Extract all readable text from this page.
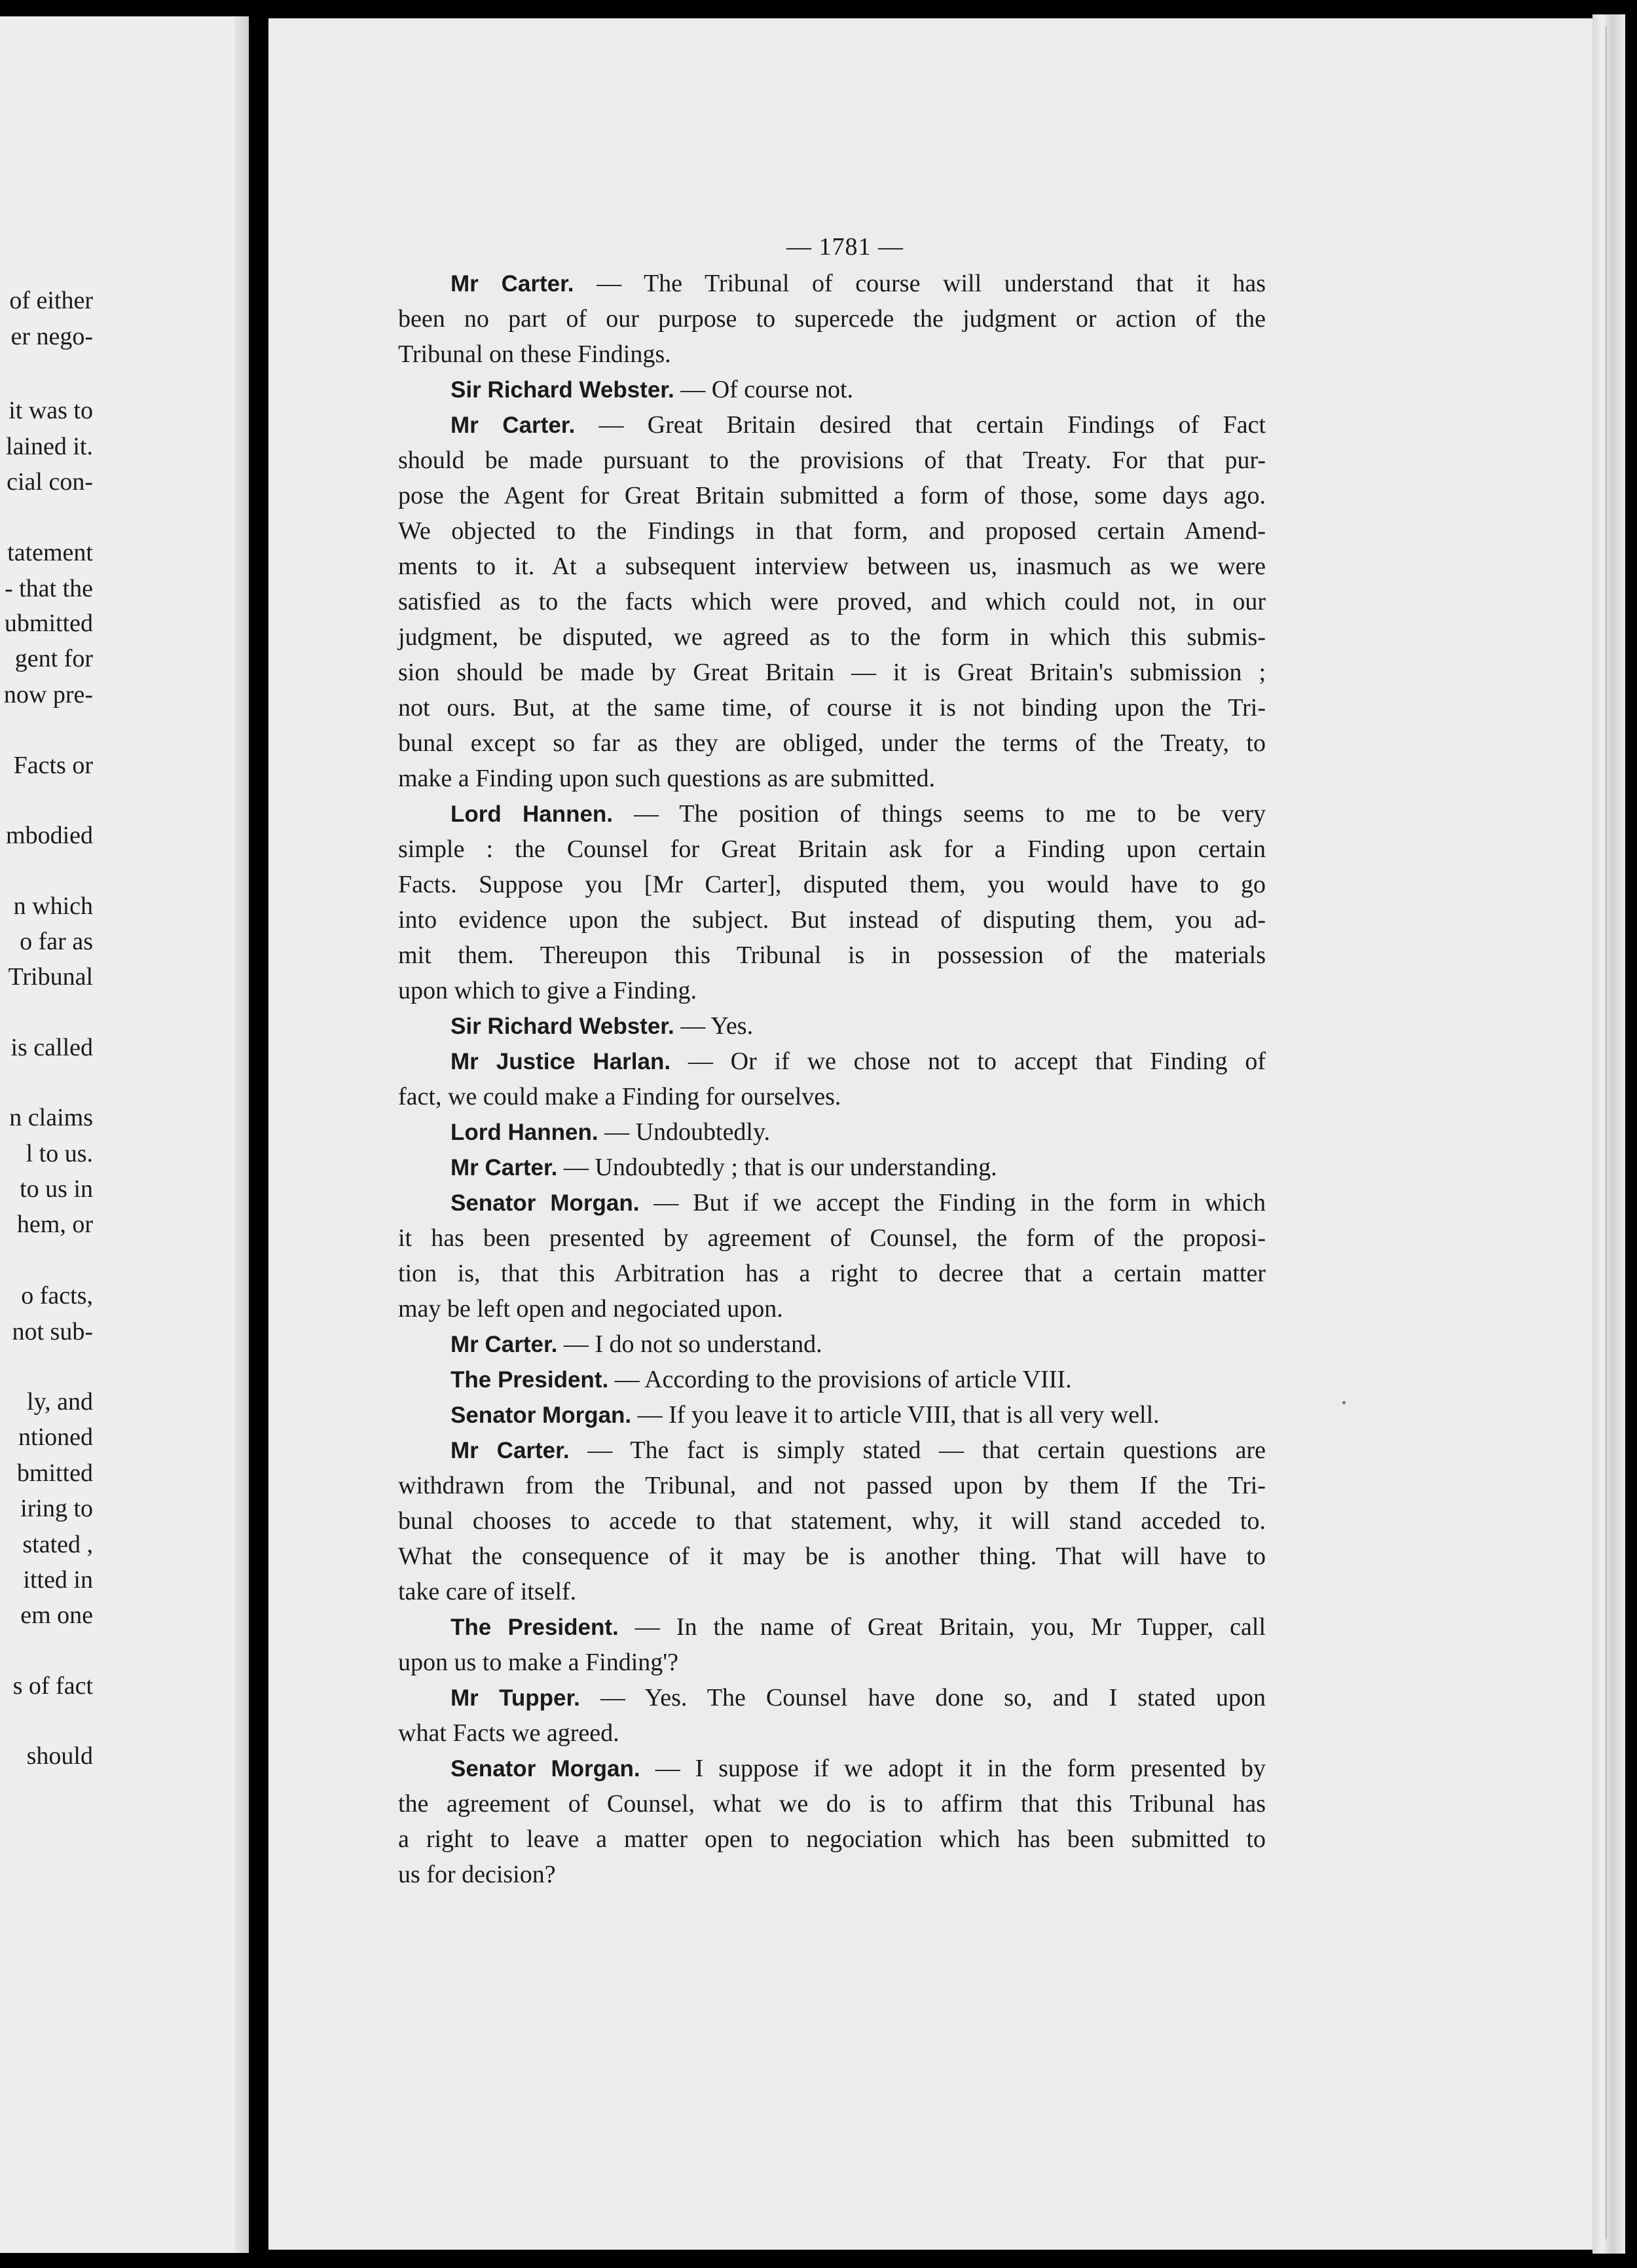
of either
er nego-
it was to
lained it.
cial con-
tatement
- that the
ubmitted
gent for
now pre-
Facts or
mbodied
n which
o far as
Tribunal
is called
n claims
l to us.
to us in
hem, or
o facts,
not sub-
ly, and
ntioned
bmitted
iring to
stated ,
itted in
em one
s of fact
should
— 1781 —
Mr Carter. — The Tribunal of course will understand that it has
been no part of our purpose to supercede the judgment or action of the
Tribunal on these Findings.
Sir Richard Webster. — Of course not.
Mr Carter. — Great Britain desired that certain Findings of Fact
should be made pursuant to the provisions of that Treaty. For that pur-
pose the Agent for Great Britain submitted a form of those, some days ago.
We objected to the Findings in that form, and proposed certain Amend-
ments to it. At a subsequent interview between us, inasmuch as we were
satisfied as to the facts which were proved, and which could not, in our
judgment, be disputed, we agreed as to the form in which this submis-
sion should be made by Great Britain — it is Great Britain's submission ;
not ours. But, at the same time, of course it is not binding upon the Tri-
bunal except so far as they are obliged, under the terms of the Treaty, to
make a Finding upon such questions as are submitted.
Lord Hannen. — The position of things seems to me to be very
simple : the Counsel for Great Britain ask for a Finding upon certain
Facts. Suppose you [Mr Carter], disputed them, you would have to go
into evidence upon the subject. But instead of disputing them, you ad-
mit them. Thereupon this Tribunal is in possession of the materials
upon which to give a Finding.
Sir Richard Webster. — Yes.
Mr Justice Harlan. — Or if we chose not to accept that Finding of
fact, we could make a Finding for ourselves.
Lord Hannen. — Undoubtedly.
Mr Carter. — Undoubtedly ; that is our understanding.
Senator Morgan. — But if we accept the Finding in the form in which
it has been presented by agreement of Counsel, the form of the proposi-
tion is, that this Arbitration has a right to decree that a certain matter
may be left open and negociated upon.
Mr Carter. — I do not so understand.
The President. — According to the provisions of article VIII.
Senator Morgan. — If you leave it to article VIII, that is all very well.
Mr Carter. — The fact is simply stated — that certain questions are
withdrawn from the Tribunal, and not passed upon by them If the Tri-
bunal chooses to accede to that statement, why, it will stand acceded to.
What the consequence of it may be is another thing. That will have to
take care of itself.
The President. — In the name of Great Britain, you, Mr Tupper, call
upon us to make a Finding'?
Mr Tupper. — Yes. The Counsel have done so, and I stated upon
what Facts we agreed.
Senator Morgan. — I suppose if we adopt it in the form presented by
the agreement of Counsel, what we do is to affirm that this Tribunal has
a right to leave a matter open to negociation which has been submitted to
us for decision?
